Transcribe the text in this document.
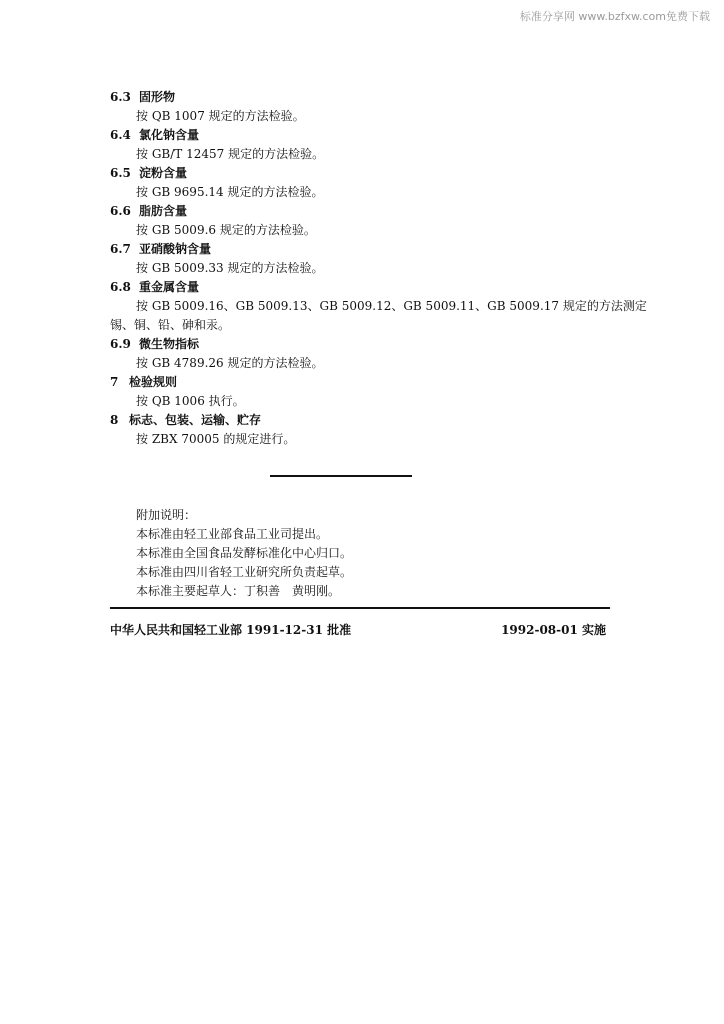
标准分享网 www.bzfxw.com免费下载
6.3 固形物
按 QB 1007 规定的方法检验。
6.4 氯化钠含量
按 GB/T 12457 规定的方法检验。
6.5 淀粉含量
按 GB 9695.14 规定的方法检验。
6.6 脂肪含量
按 GB 5009.6 规定的方法检验。
6.7 亚硝酸钠含量
按 GB 5009.33 规定的方法检验。
6.8 重金属含量
按 GB 5009.16、GB 5009.13、GB 5009.12、GB 5009.11、GB 5009.17 规定的方法测定
锡、铜、铅、砷和汞。
6.9 微生物指标
按 GB 4789.26 规定的方法检验。
7 检验规则
按 QB 1006 执行。
8 标志、包装、运输、贮存
按 ZBX 70005 的规定进行。
附加说明：
本标准由轻工业部食品工业司提出。
本标准由全国食品发酵标准化中心归口。
本标准由四川省轻工业研究所负责起草。
本标准主要起草人：丁积善　黄明刚。
中华人民共和国轻工业部 1991-12-31 批准	1992-08-01 实施
